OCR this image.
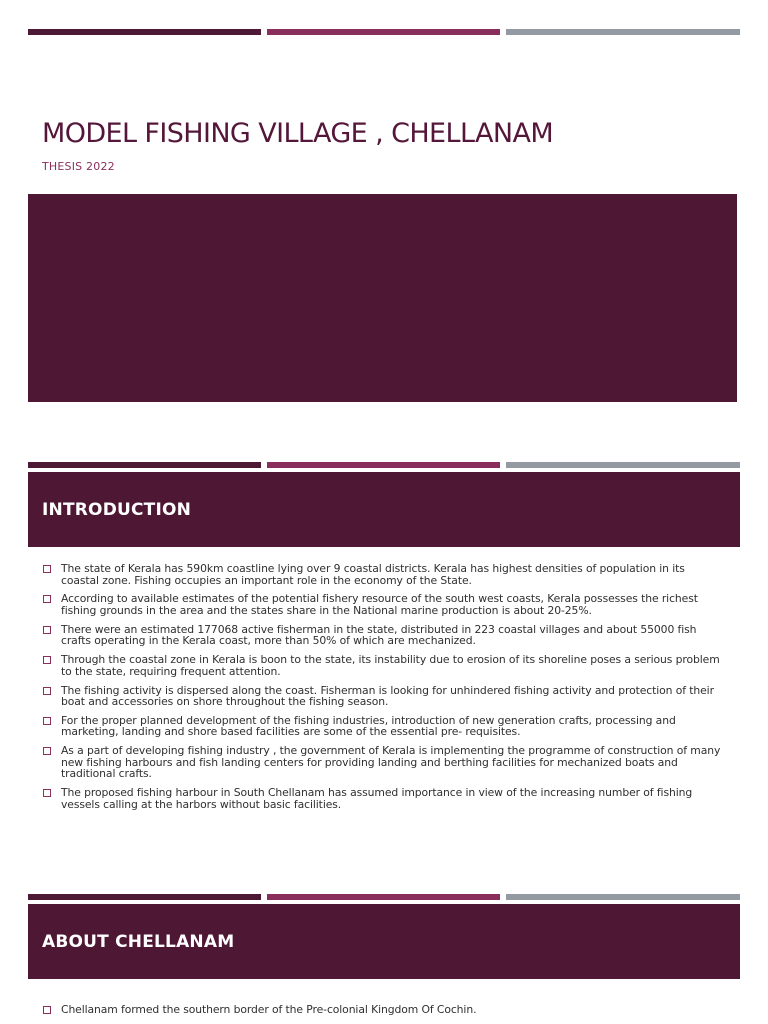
MODEL FISHING VILLAGE , CHELLANAM
THESIS 2022
INTRODUCTION
The state of Kerala has 590km coastline lying over 9 coastal districts. Kerala has highest densities of population in its coastal zone. Fishing occupies an important role in the economy of the State.
According to available estimates of the potential fishery resource of the south west coasts, Kerala possesses the richest fishing grounds in the area and the states share in the National marine production is about 20-25%.
There were an estimated 177068 active fisherman in the state, distributed in 223 coastal villages and about 55000 fish crafts operating in the Kerala coast, more than 50% of which are mechanized.
Through the coastal zone in Kerala is boon to the state, its instability due to erosion of its shoreline poses a serious problem to the state, requiring frequent attention.
The fishing activity is dispersed along the coast. Fisherman is looking for unhindered fishing activity and protection of their boat and accessories on shore throughout the fishing season.
For the proper planned development of the fishing industries, introduction of new generation crafts, processing and marketing, landing and shore based facilities are some of the essential pre- requisites.
As a part of developing fishing industry , the government of Kerala is implementing the programme of construction of many new fishing harbours and fish landing centers for providing landing and berthing facilities for mechanized boats and traditional crafts.
The proposed fishing harbour in South Chellanam has assumed importance in view of the increasing number of fishing vessels calling at the harbors without basic facilities.
ABOUT CHELLANAM
Chellanam formed the southern border of the Pre-colonial Kingdom Of Cochin.
